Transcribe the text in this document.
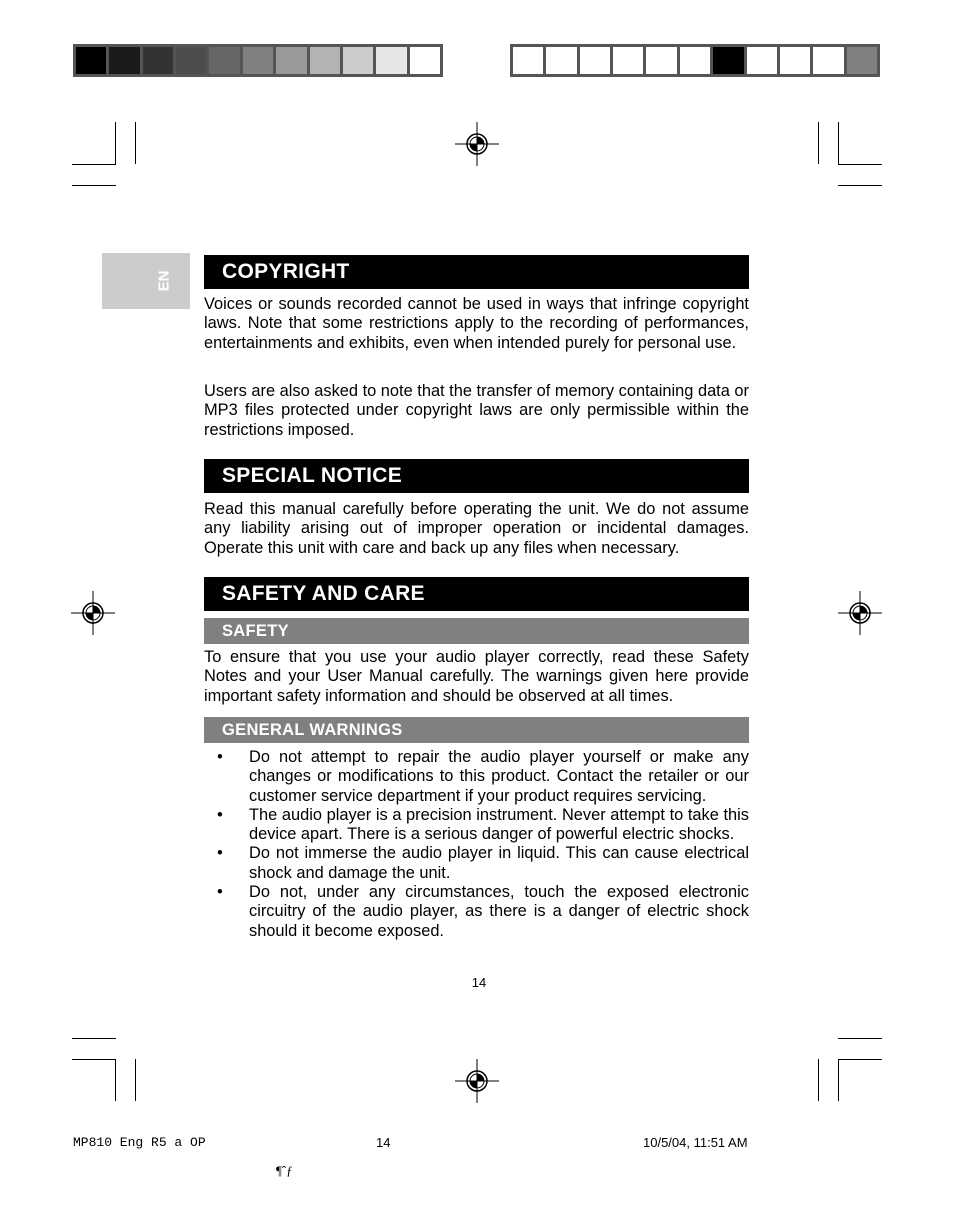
EN	COPYRIGHT
Voices or sounds recorded cannot be used in ways that infringe copyright laws. Note that some restrictions apply to the recording of performances, entertainments and exhibits, even when intended purely for personal use.
Users are also asked to note that the transfer of memory containing data or MP3 files protected under copyright laws are only permissible within the restrictions imposed.
SPECIAL NOTICE
Read this manual carefully before operating the unit. We do not assume any liability arising out of improper operation or incidental damages. Operate this unit with care and back up any files when necessary.
SAFETY AND CARE
SAFETY
To ensure that you use your audio player correctly, read these Safety Notes and your User Manual carefully. The warnings given here provide important safety information and should be observed at all times.
GENERAL WARNINGS
• Do not attempt to repair the audio player yourself or make any changes or modifications to this product. Contact the retailer or our customer service department if your product requires servicing.
• The audio player is a precision instrument. Never attempt to take this device apart. There is a serious danger of powerful electric shocks.
• Do not immerse the audio player in liquid. This can cause electrical shock and damage the unit.
• Do not, under any circumstances, touch the exposed electronic circuitry of the audio player, as there is a danger of electric shock should it become exposed.
14
MP810 Eng R5 a OP	14	10/5/04, 11:51 AM
¶ˆƒ
